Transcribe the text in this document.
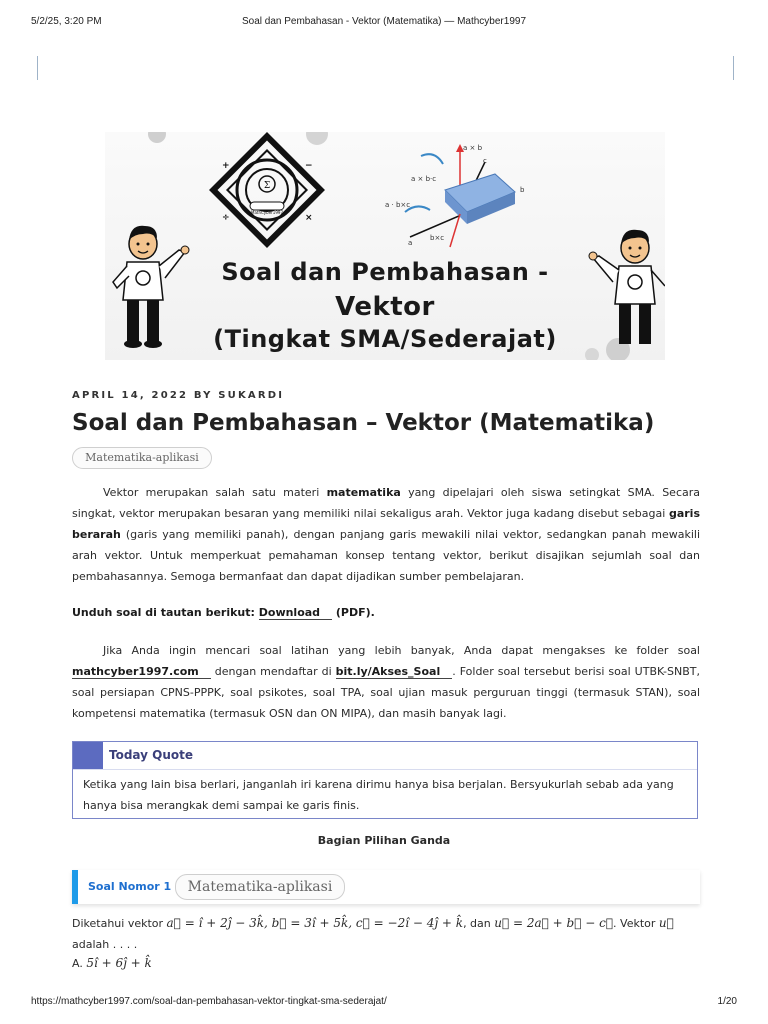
5/2/25, 3:20 PM	Soal dan Pembahasan - Vektor (Matematika) — Mathcyber1997
Σ
+	−
÷	×
MathCyber1997
a × b
c
b
a × b·c
a · b×c
b×c
a
Soal dan Pembahasan -
Vektor
(Tingkat SMA/Sederajat)
APRIL 14, 2022 BY SUKARDI
Soal dan Pembahasan – Vektor (Matematika)
Matematika-aplikasi

Vektor merupakan salah satu materi matematika yang dipelajari oleh siswa setingkat SMA. Secara singkat, vektor merupakan besaran yang memiliki nilai sekaligus arah. Vektor juga kadang disebut sebagai garis berarah (garis yang memiliki panah), dengan panjang garis mewakili nilai vektor, sedangkan panah mewakili arah vektor. Untuk memperkuat pemahaman konsep tentang vektor, berikut disajikan sejumlah soal dan pembahasannya. Semoga bermanfaat dan dapat dijadikan sumber pembelajaran.

Unduh soal di tautan berikut: Download (PDF).

Jika Anda ingin mencari soal latihan yang lebih banyak, Anda dapat mengakses ke folder soal mathcyber1997.com dengan mendaftar di bit.ly/Akses_Soal . Folder soal tersebut berisi soal UTBK-SNBT, soal persiapan CPNS-PPPK, soal psikotes, soal TPA, soal ujian masuk perguruan tinggi (termasuk STAN), soal kompetensi matematika (termasuk OSN dan ON MIPA), dan masih banyak lagi.

Today Quote
Ketika yang lain bisa berlari, janganlah iri karena dirimu hanya bisa berjalan. Bersyukurlah sebab ada yang hanya bisa merangkak demi sampai ke garis finis.
Bagian Pilihan Ganda
Soal Nomor 1	Matematika-aplikasi

Diketahui vektor a⃗ = î + 2ĵ − 3k̂, b⃗ = 3î + 5k̂, c⃗ = −2î − 4ĵ + k̂, dan u⃗ = 2a⃗ + b⃗ − c⃗. Vektor u⃗ adalah . . . .

A. 5î + 6ĵ + k̂
https://mathcyber1997.com/soal-dan-pembahasan-vektor-tingkat-sma-sederajat/	1/20
